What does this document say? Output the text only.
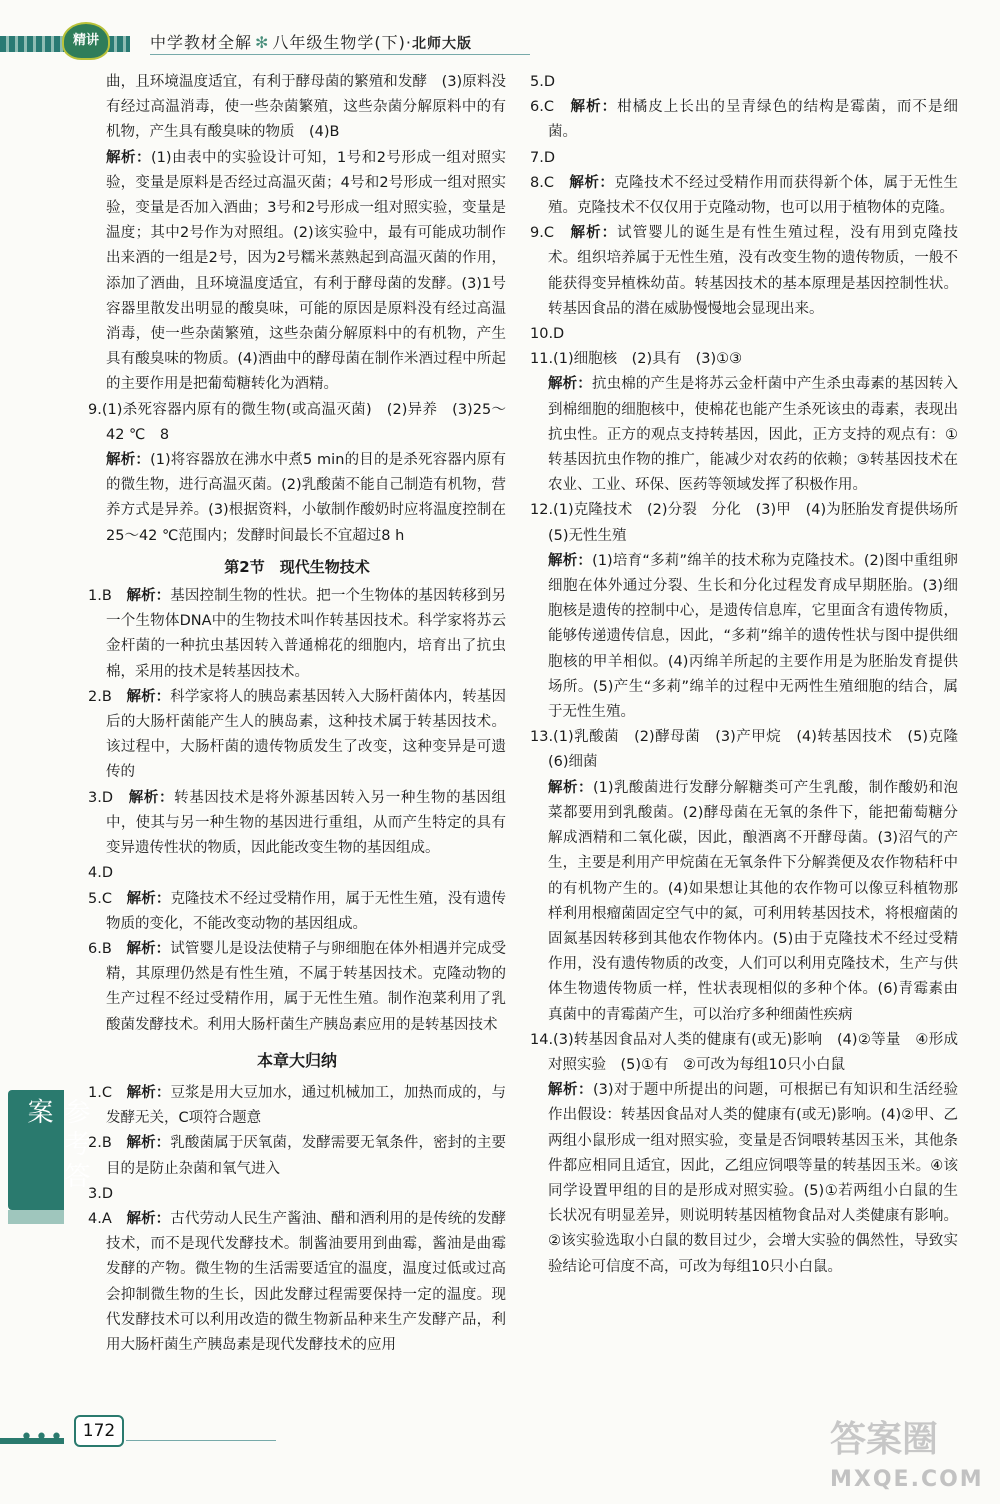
精讲	中学教材全解 ✻ 八年级生物学(下)·北师大版

曲，且环境温度适宜，有利于酵母菌的繁殖和发酵　(3)原料没有经过高温消毒，使一些杂菌繁殖，这些杂菌分解原料中的有机物，产生具有酸臭味的物质　(4)B

解析：(1)由表中的实验设计可知，1号和2号形成一组对照实验，变量是原料是否经过高温灭菌；4号和2号形成一组对照实验，变量是否加入酒曲；3号和2号形成一组对照实验，变量是温度；其中2号作为对照组。(2)该实验中，最有可能成功制作出来酒的一组是2号，因为2号糯米蒸熟起到高温灭菌的作用，添加了酒曲，且环境温度适宜，有利于酵母菌的发酵。(3)1号容器里散发出明显的酸臭味，可能的原因是原料没有经过高温消毒，使一些杂菌繁殖，这些杂菌分解原料中的有机物，产生具有酸臭味的物质。(4)酒曲中的酵母菌在制作米酒过程中所起的主要作用是把葡萄糖转化为酒精。

9.(1)杀死容器内原有的微生物(或高温灭菌)　(2)异养　(3)25～42 ℃　8

解析：(1)将容器放在沸水中煮5 min的目的是杀死容器内原有的微生物，进行高温灭菌。(2)乳酸菌不能自己制造有机物，营养方式是异养。(3)根据资料，小敏制作酸奶时应将温度控制在25～42 ℃范围内；发酵时间最长不宜超过8 h

第2节　现代生物技术

1.B　解析：基因控制生物的性状。把一个生物体的基因转移到另一个生物体DNA中的生物技术叫作转基因技术。科学家将苏云金杆菌的一种抗虫基因转入普通棉花的细胞内，培育出了抗虫棉，采用的技术是转基因技术。

2.B　解析：科学家将人的胰岛素基因转入大肠杆菌体内，转基因后的大肠杆菌能产生人的胰岛素，这种技术属于转基因技术。该过程中，大肠杆菌的遗传物质发生了改变，这种变异是可遗传的

3.D　解析：转基因技术是将外源基因转入另一种生物的基因组中，使其与另一种生物的基因进行重组，从而产生特定的具有变异遗传性状的物质，因此能改变生物的基因组成。

4.D

5.C　解析：克隆技术不经过受精作用，属于无性生殖，没有遗传物质的变化，不能改变动物的基因组成。

6.B　解析：试管婴儿是设法使精子与卵细胞在体外相遇并完成受精，其原理仍然是有性生殖，不属于转基因技术。克隆动物的生产过程不经过受精作用，属于无性生殖。制作泡菜利用了乳酸菌发酵技术。利用大肠杆菌生产胰岛素应用的是转基因技术

本章大归纳

1.C　解析：豆浆是用大豆加水，通过机械加工，加热而成的，与发酵无关，C项符合题意

2.B　解析：乳酸菌属于厌氧菌，发酵需要无氧条件，密封的主要目的是防止杂菌和氧气进入

3.D

4.A　解析：古代劳动人民生产酱油、醋和酒利用的是传统的发酵技术，而不是现代发酵技术。制酱油要用到曲霉，酱油是曲霉发酵的产物。微生物的生活需要适宜的温度，温度过低或过高会抑制微生物的生长，因此发酵过程需要保持一定的温度。现代发酵技术可以利用改造的微生物新品种来生产发酵产品，利用大肠杆菌生产胰岛素是现代发酵技术的应用

5.D

6.C　解析：柑橘皮上长出的呈青绿色的结构是霉菌，而不是细菌。

7.D

8.C　解析：克隆技术不经过受精作用而获得新个体，属于无性生殖。克隆技术不仅仅用于克隆动物，也可以用于植物体的克隆。

9.C　解析：试管婴儿的诞生是有性生殖过程，没有用到克隆技术。组织培养属于无性生殖，没有改变生物的遗传物质，一般不能获得变异植株幼苗。转基因技术的基本原理是基因控制性状。转基因食品的潜在威胁慢慢地会显现出来。

10.D

11.(1)细胞核　(2)具有　(3)①③

解析：抗虫棉的产生是将苏云金杆菌中产生杀虫毒素的基因转入到棉细胞的细胞核中，使棉花也能产生杀死该虫的毒素，表现出抗虫性。正方的观点支持转基因，因此，正方支持的观点有：①转基因抗虫作物的推广，能减少对农药的依赖；③转基因技术在农业、工业、环保、医药等领域发挥了积极作用。

12.(1)克隆技术　(2)分裂　分化　(3)甲　(4)为胚胎发育提供场所　(5)无性生殖

解析：(1)培育“多莉”绵羊的技术称为克隆技术。(2)图中重组卵细胞在体外通过分裂、生长和分化过程发育成早期胚胎。(3)细胞核是遗传的控制中心，是遗传信息库，它里面含有遗传物质，能够传递遗传信息，因此，“多莉”绵羊的遗传性状与图中提供细胞核的甲羊相似。(4)丙绵羊所起的主要作用是为胚胎发育提供场所。(5)产生“多莉”绵羊的过程中无两性生殖细胞的结合，属于无性生殖。

13.(1)乳酸菌　(2)酵母菌　(3)产甲烷　(4)转基因技术　(5)克隆　(6)细菌

解析：(1)乳酸菌进行发酵分解糖类可产生乳酸，制作酸奶和泡菜都要用到乳酸菌。(2)酵母菌在无氧的条件下，能把葡萄糖分解成酒精和二氧化碳，因此，酿酒离不开酵母菌。(3)沼气的产生，主要是利用产甲烷菌在无氧条件下分解粪便及农作物秸秆中的有机物产生的。(4)如果想让其他的农作物可以像豆科植物那样利用根瘤菌固定空气中的氮，可利用转基因技术，将根瘤菌的固氮基因转移到其他农作物体内。(5)由于克隆技术不经过受精作用，没有遗传物质的改变，人们可以利用克隆技术，生产与供体生物遗传物质一样，性状表现相似的多种个体。(6)青霉素由真菌中的青霉菌产生，可以治疗多种细菌性疾病

14.(3)转基因食品对人类的健康有(或无)影响　(4)②等量　④形成对照实验　(5)①有　②可改为每组10只小白鼠

解析：(3)对于题中所提出的问题，可根据已有知识和生活经验作出假设：转基因食品对人类的健康有(或无)影响。(4)②甲、乙两组小鼠形成一组对照实验，变量是否饲喂转基因玉米，其他条件都应相同且适宜，因此，乙组应饲喂等量的转基因玉米。④该同学设置甲组的目的是形成对照实验。(5)①若两组小白鼠的生长状况有明显差异，则说明转基因植物食品对人类健康有影响。②该实验选取小白鼠的数目过少，会增大实验的偶然性，导致实验结论可信度不高，可改为每组10只小白鼠。

参考答案
•••	172	答案圈
MXQE.COM
